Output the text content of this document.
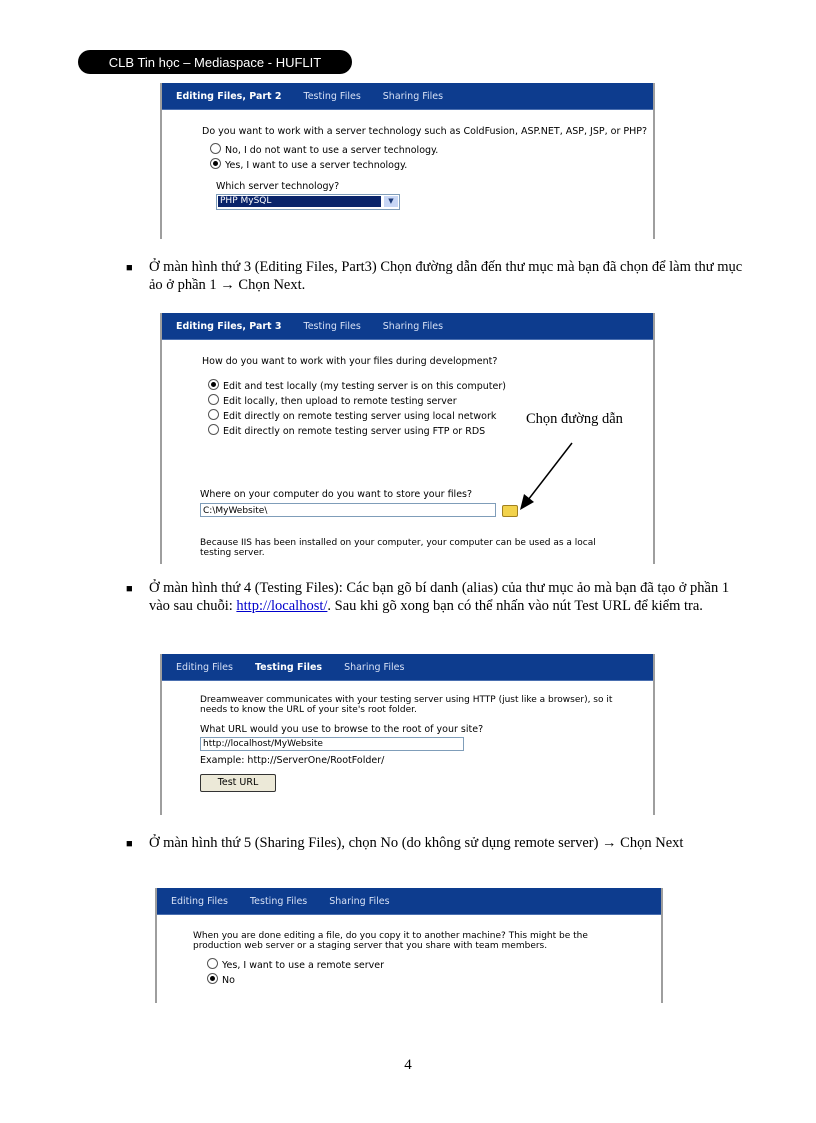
CLB Tin học – Mediaspace - HUFLIT
Editing Files, Part 2 Testing Files Sharing Files
Do you want to work with a server technology such as ColdFusion, ASP.NET, ASP, JSP, or PHP?
No, I do not want to use a server technology.
Yes, I want to use a server technology.
Which server technology?
PHP MySQL	▼
■ Ở màn hình thứ 3 (Editing Files, Part3) Chọn đường dẫn đến thư mục mà bạn đã chọn để làm thư mục ảo ở phần 1 → Chọn Next.
Editing Files, Part 3 Testing Files Sharing Files
How do you want to work with your files during development?
Edit and test locally (my testing server is on this computer)
Edit locally, then upload to remote testing server
Edit directly on remote testing server using local network
Edit directly on remote testing server using FTP or RDS
Chọn đường dẫn
Where on your computer do you want to store your files?
C:\MyWebsite\
Because IIS has been installed on your computer, your computer can be used as a local testing server.
■ Ở màn hình thứ 4 (Testing Files): Các bạn gõ bí danh (alias) của thư mục ảo mà bạn đã tạo ở phần 1 vào sau chuỗi: http://localhost/. Sau khi gõ xong bạn có thể nhấn vào nút Test URL để kiểm tra.
Editing Files Testing Files Sharing Files
Dreamweaver communicates with your testing server using HTTP (just like a browser), so it needs to know the URL of your site's root folder.
What URL would you use to browse to the root of your site?
http://localhost/MyWebsite
Example: http://ServerOne/RootFolder/
Test URL
■ Ở màn hình thứ 5 (Sharing Files), chọn No (do không sử dụng remote server) → Chọn Next
Editing Files Testing Files Sharing Files
When you are done editing a file, do you copy it to another machine? This might be the production web server or a staging server that you share with team members.
Yes, I want to use a remote server
No
4
